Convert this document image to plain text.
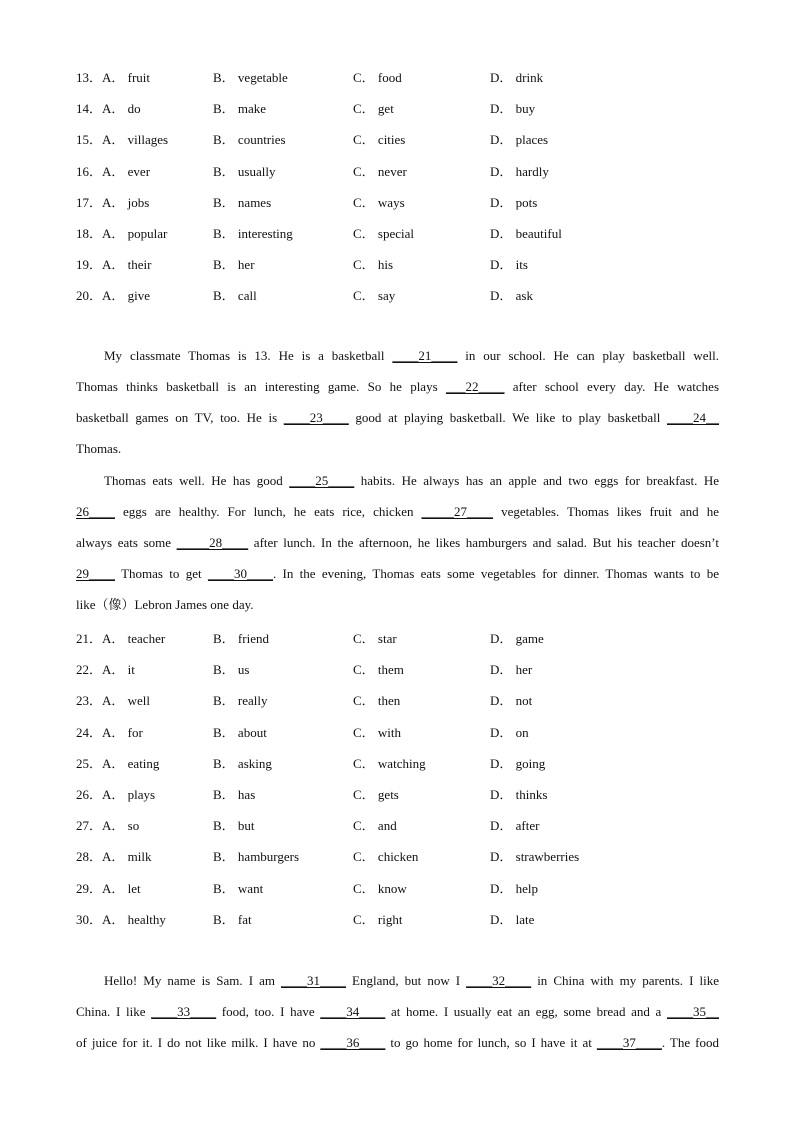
13．A． fruit	B． vegetable	C． food	D． drink
14．A． do	B． make	C． get	D． buy
15．A． villages	B． countries	C． cities	D． places
16．A． ever	B． usually	C． never	D． hardly
17．A． jobs	B． names	C． ways	D． pots
18．A． popular	B． interesting	C． special	D． beautiful
19．A． their	B． her	C． his	D． its
20．A． give	B． call	C． say	D． ask
My classmate Thomas is 13. He is a basketball ____21____ in our school. He can play basketball well.
Thomas thinks basketball is an interesting game. So he plays ___22____ after school every day. He watches
basketball games on TV, too. He is ____23____ good at playing basketball. We like to play basketball ____24__
Thomas.
Thomas eats well. He has good ____25____ habits. He always has an apple and two eggs for breakfast. He
26____ eggs are healthy. For lunch, he eats rice, chicken _____27____ vegetables. Thomas likes fruit and he
always eats some _____28____ after lunch. In the afternoon, he likes hamburgers and salad. But his teacher doesn’t
29____ Thomas to get ____30____. In the evening, Thomas eats some vegetables for dinner. Thomas wants to be
like（像）Lebron James one day.
21．A． teacher	B． friend	C． star	D． game
22．A． it	B． us	C． them	D． her
23．A． well	B． really	C． then	D． not
24．A． for	B． about	C． with	D． on
25．A． eating	B． asking	C． watching	D． going
26．A． plays	B． has	C． gets	D． thinks
27．A． so	B． but	C． and	D． after
28．A． milk	B． hamburgers	C． chicken	D． strawberries
29．A． let	B． want	C． know	D． help
30．A． healthy	B． fat	C． right	D． late
Hello! My name is Sam. I am ____31____ England, but now I ____32____ in China with my parents. I like
China. I like ____33____ food, too. I have ____34____ at home. I usually eat an egg, some bread and a ____35__
of juice for it. I do not like milk. I have no ____36____ to go home for lunch, so I have it at ____37____. The food
